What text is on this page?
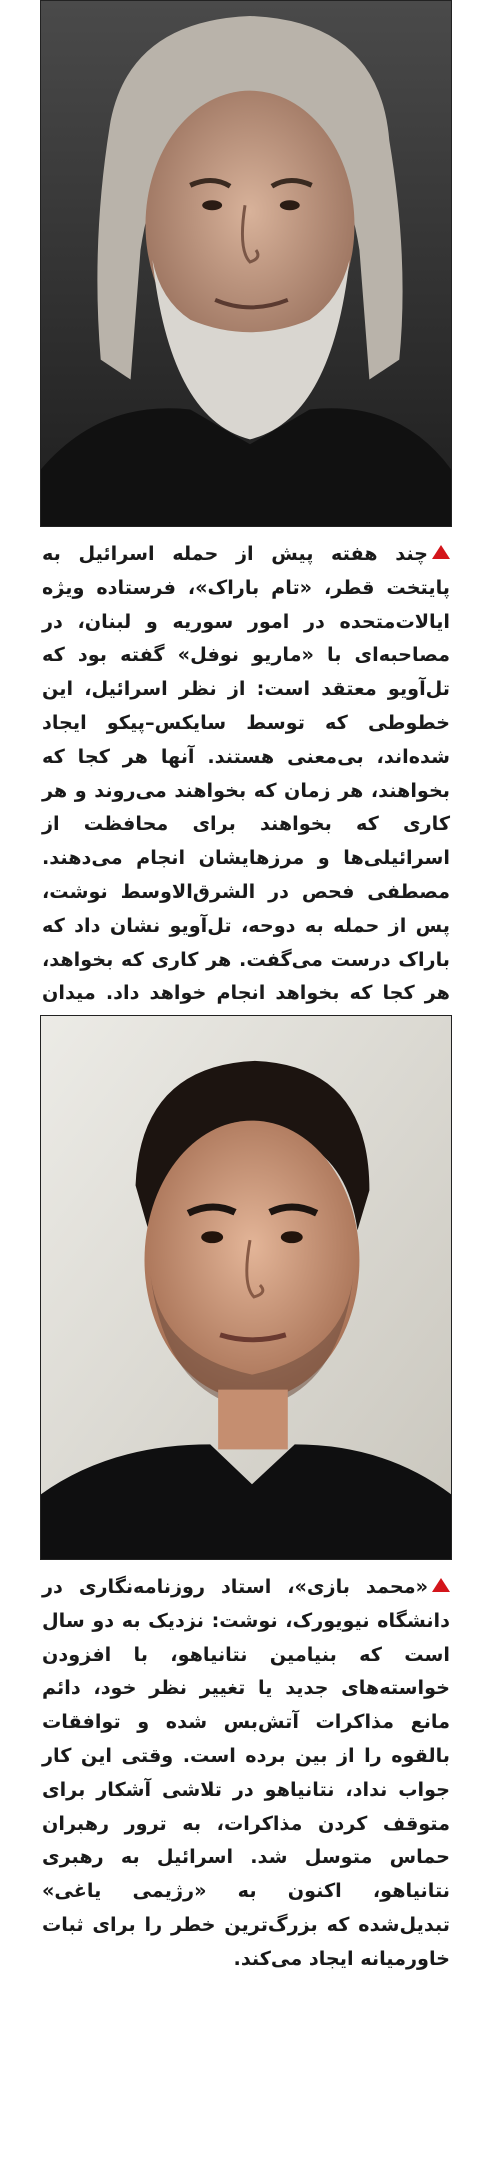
چند هفته پیش از حمله اسرائیل به پایتخت قطر، «تام باراک»، فرستاده ویژه ایالات‌متحده در امور سوریه و لبنان، در مصاحبه‌ای با «ماریو نوفل» گفته بود که تل‌آویو معتقد است: از نظر اسرائیل، این خطوطی که توسط سایکس–پیکو ایجاد شده‌اند، بی‌معنی هستند. آنها هر کجا که بخواهند، هر زمان که بخواهند می‌روند و هر کاری که بخواهند برای محافظت از اسرائیلی‌ها و مرزهایشان انجام می‌دهند. مصطفی فحص در الشرق‌الاوسط نوشت، پس از حمله به دوحه، تل‌آویو نشان داد که باراک درست می‌گفت. هر کاری که بخواهد، هر کجا که بخواهد انجام خواهد داد. میدان
«محمد بازی»، استاد روزنامه‌نگاری در دانشگاه نیویورک، نوشت: نزدیک به دو سال است که بنیامین نتانیاهو، با افزودن خواسته‌های جدید یا تغییر نظر خود، دائم مانع مذاکرات آتش‌بس شده و توافقات بالقوه را از بین برده است. وقتی این کار جواب نداد، نتانیاهو در تلاشی آشکار برای متوقف کردن مذاکرات، به ترور رهبران حماس متوسل شد. اسرائیل به رهبری نتانیاهو، اکنون به «رژیمی یاغی» تبدیل‌شده که بزرگ‌ترین خطر را برای ثبات خاورمیانه ایجاد می‌کند.
